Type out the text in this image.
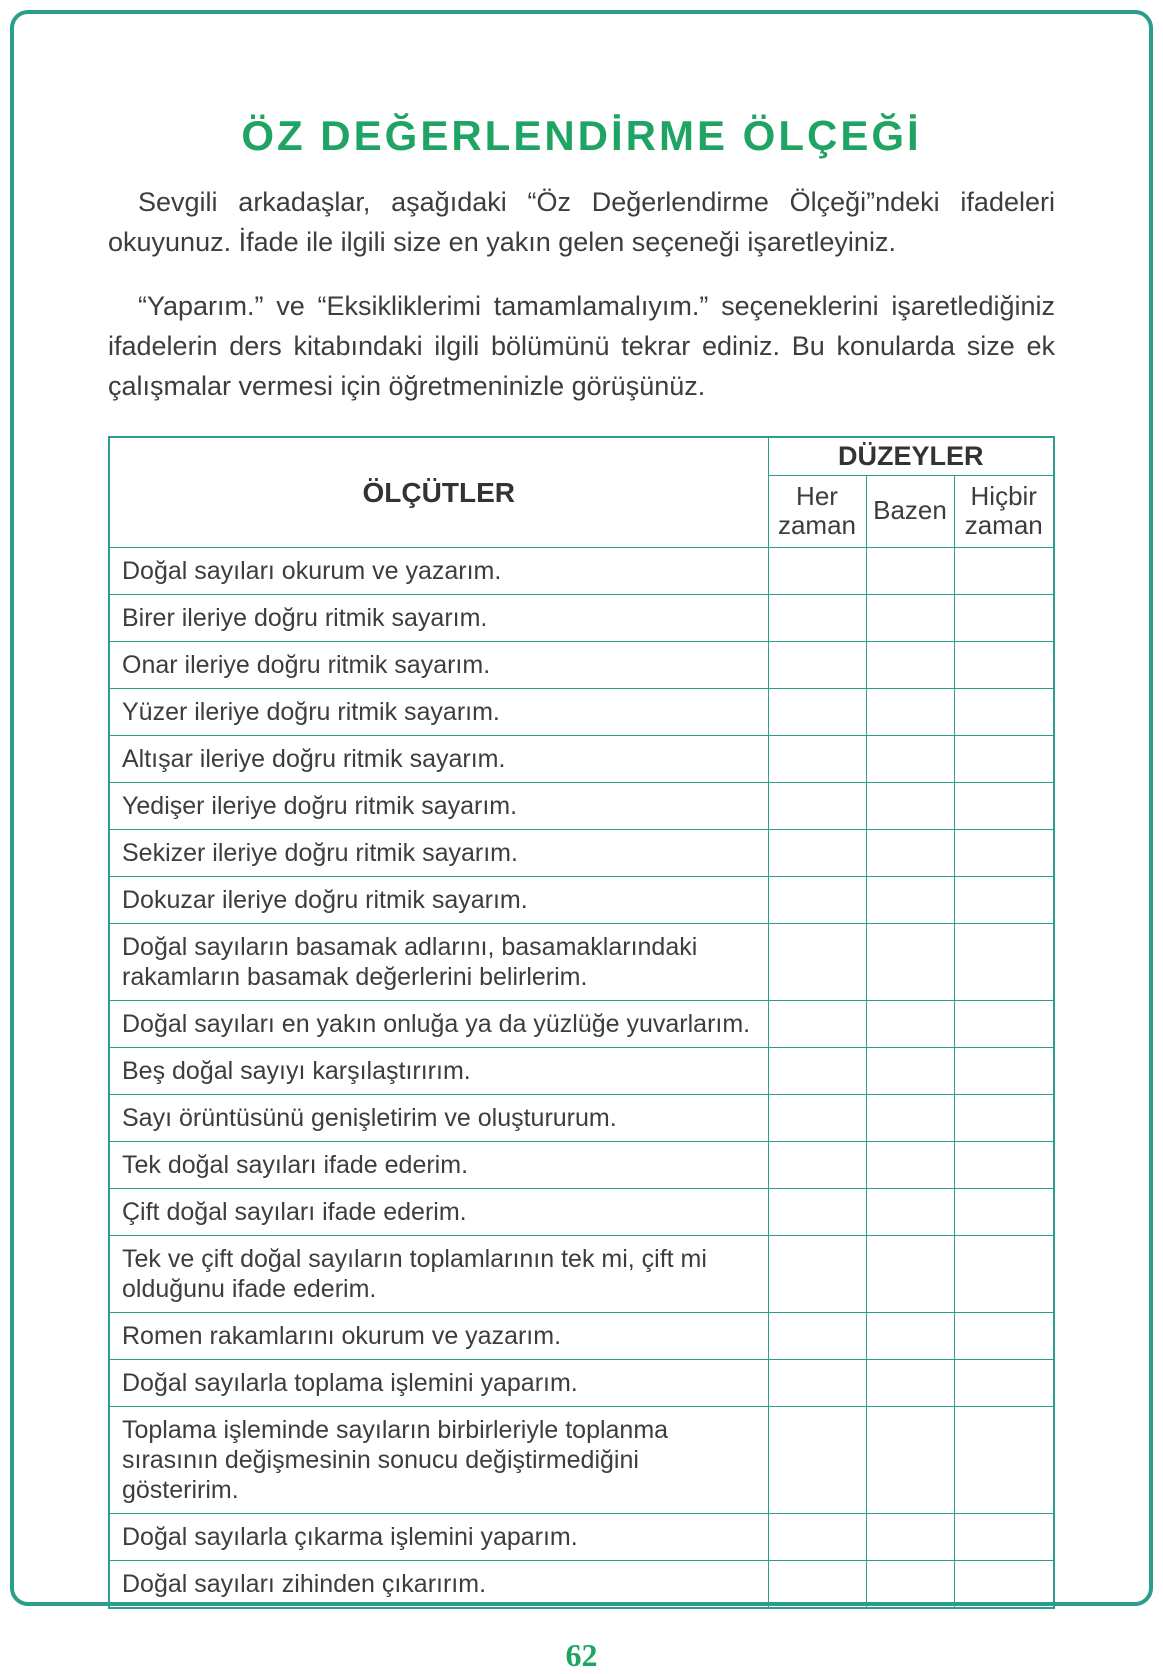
ÖZ DEĞERLENDİRME ÖLÇEĞİ

Sevgili arkadaşlar, aşağıdaki “Öz Değerlendirme Ölçeği”ndeki ifadeleri okuyunuz. İfade ile ilgili size en yakın gelen seçeneği işaretleyiniz.

“Yaparım.” ve “Eksikliklerimi tamamlamalıyım.” seçeneklerini işaretlediğiniz ifadelerin ders kitabındaki ilgili bölümünü tekrar ediniz. Bu konularda size ek çalışmalar vermesi için öğretmeninizle görüşünüz.

ÖLÇÜTLER	DÜZEYLER		
	Her zaman	Bazen	Hiçbir zaman
Doğal sayıları okurum ve yazarım.			
Birer ileriye doğru ritmik sayarım.			
Onar ileriye doğru ritmik sayarım.			
Yüzer ileriye doğru ritmik sayarım.			
Altışar ileriye doğru ritmik sayarım.			
Yedişer ileriye doğru ritmik sayarım.			
Sekizer ileriye doğru ritmik sayarım.			
Dokuzar ileriye doğru ritmik sayarım.			
Doğal sayıların basamak adlarını, basamaklarındaki rakamların basamak değerlerini belirlerim.			
Doğal sayıları en yakın onluğa ya da yüzlüğe yuvarlarım.			
Beş doğal sayıyı karşılaştırırım.			
Sayı örüntüsünü genişletirim ve oluştururum.			
Tek doğal sayıları ifade ederim.			
Çift doğal sayıları ifade ederim.			
Tek ve çift doğal sayıların toplamlarının tek mi, çift mi olduğunu ifade ederim.			
Romen rakamlarını okurum ve yazarım.			
Doğal sayılarla toplama işlemini yaparım.			
Toplama işleminde sayıların birbirleriyle toplanma sırasının değişmesinin sonucu değiştirmediğini gösteririm.			
Doğal sayılarla çıkarma işlemini yaparım.			
Doğal sayıları zihinden çıkarırım.			
62
